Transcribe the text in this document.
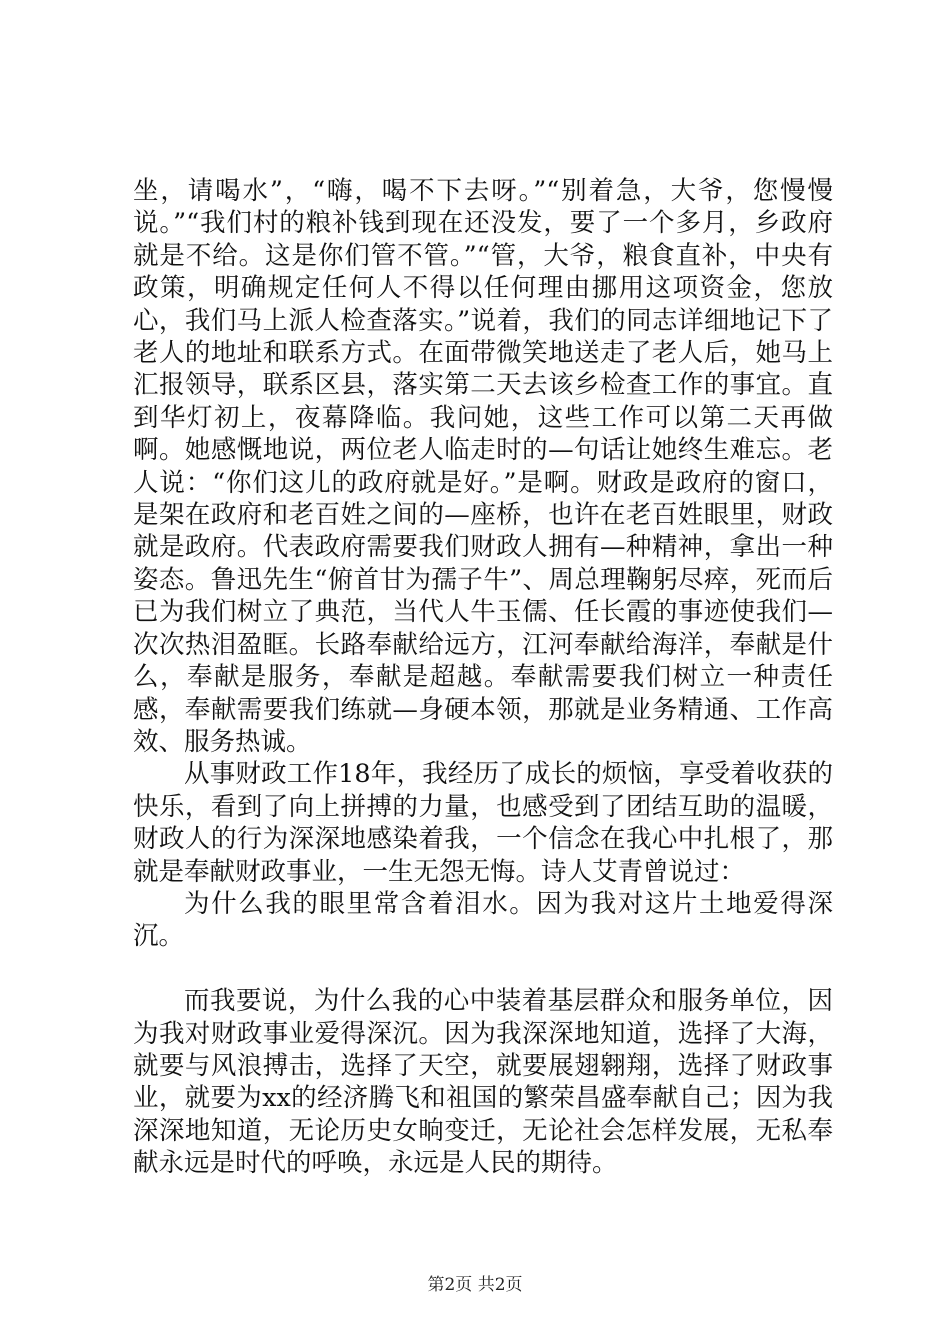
坐，请喝水”，“嗨，喝不下去呀。”“别着急，大爷，您慢慢说。”“我们村的粮补钱到现在还没发，要了一个多月，乡政府就是不给。这是你们管不管。”“管，大爷，粮食直补，中央有政策，明确规定任何人不得以任何理由挪用这项资金，您放心，我们马上派人检查落实。”说着，我们的同志详细地记下了老人的地址和联系方式。在面带微笑地送走了老人后，她马上汇报领导，联系区县，落实第二天去该乡检查工作的事宜。直到华灯初上，夜幕降临。我问她，这些工作可以第二天再做啊。她感慨地说，两位老人临走时的—句话让她终生难忘。老人说：“你们这儿的政府就是好。”是啊。财政是政府的窗口，是架在政府和老百姓之间的—座桥，也许在老百姓眼里，财政就是政府。代表政府需要我们财政人拥有—种精神，拿出一种姿态。鲁迅先生“俯首甘为孺子牛”、周总理鞠躬尽瘁，死而后已为我们树立了典范，当代人牛玉儒、任长霞的事迹使我们—次次热泪盈眶。长路奉献给远方，江河奉献给海洋，奉献是什么，奉献是服务，奉献是超越。奉献需要我们树立一种责任感，奉献需要我们练就—身硬本领，那就是业务精通、工作高效、服务热诚。

从事财政工作18年，我经历了成长的烦恼，享受着收获的快乐，看到了向上拼搏的力量，也感受到了团结互助的温暖，财政人的行为深深地感染着我，一个信念在我心中扎根了，那就是奉献财政事业，一生无怨无悔。诗人艾青曾说过：

为什么我的眼里常含着泪水。因为我对这片土地爱得深沉。

而我要说，为什么我的心中装着基层群众和服务单位，因为我对财政事业爱得深沉。因为我深深地知道，选择了大海，就要与风浪搏击，选择了天空，就要展翅翱翔，选择了财政事业，就要为xx的经济腾飞和祖国的繁荣昌盛奉献自己；因为我深深地知道，无论历史女晌变迁，无论社会怎样发展，无私奉献永远是时代的呼唤，永远是人民的期待。

第2页 共2页
